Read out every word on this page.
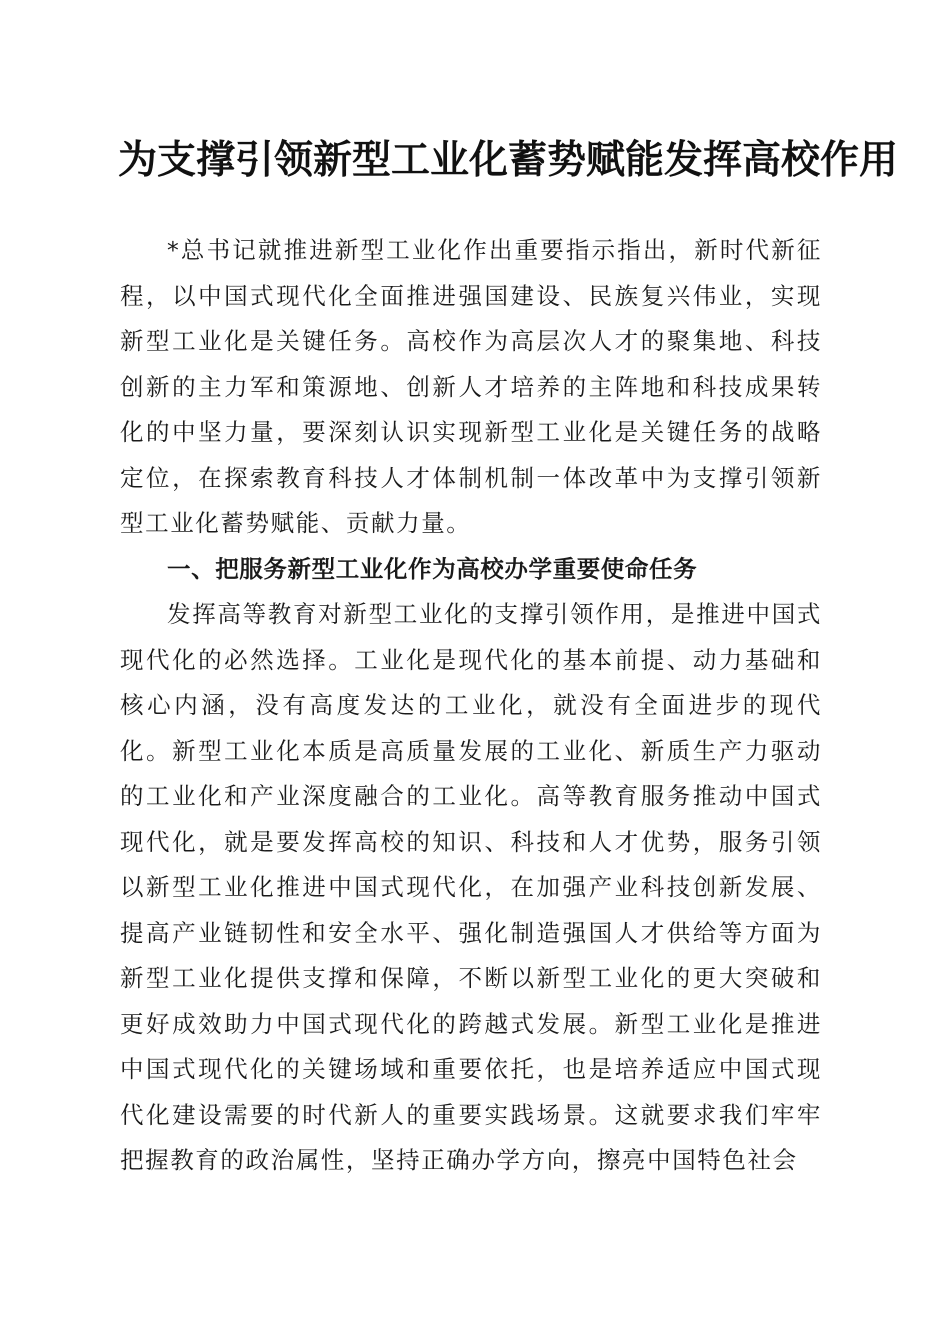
为支撑引领新型工业化蓄势赋能发挥高校作用

*总书记就推进新型工业化作出重要指示指出，新时代新征程，以中国式现代化全面推进强国建设、民族复兴伟业，实现新型工业化是关键任务。高校作为高层次人才的聚集地、科技创新的主力军和策源地、创新人才培养的主阵地和科技成果转化的中坚力量，要深刻认识实现新型工业化是关键任务的战略定位，在探索教育科技人才体制机制一体改革中为支撑引领新型工业化蓄势赋能、贡献力量。

一、把服务新型工业化作为高校办学重要使命任务

发挥高等教育对新型工业化的支撑引领作用，是推进中国式现代化的必然选择。工业化是现代化的基本前提、动力基础和核心内涵，没有高度发达的工业化，就没有全面进步的现代化。新型工业化本质是高质量发展的工业化、新质生产力驱动的工业化和产业深度融合的工业化。高等教育服务推动中国式现代化，就是要发挥高校的知识、科技和人才优势，服务引领以新型工业化推进中国式现代化，在加强产业科技创新发展、提高产业链韧性和安全水平、强化制造强国人才供给等方面为新型工业化提供支撑和保障，不断以新型工业化的更大突破和更好成效助力中国式现代化的跨越式发展。新型工业化是推进中国式现代化的关键场域和重要依托，也是培养适应中国式现代化建设需要的时代新人的重要实践场景。这就要求我们牢牢把握教育的政治属性，坚持正确办学方向，擦亮中国特色社会
